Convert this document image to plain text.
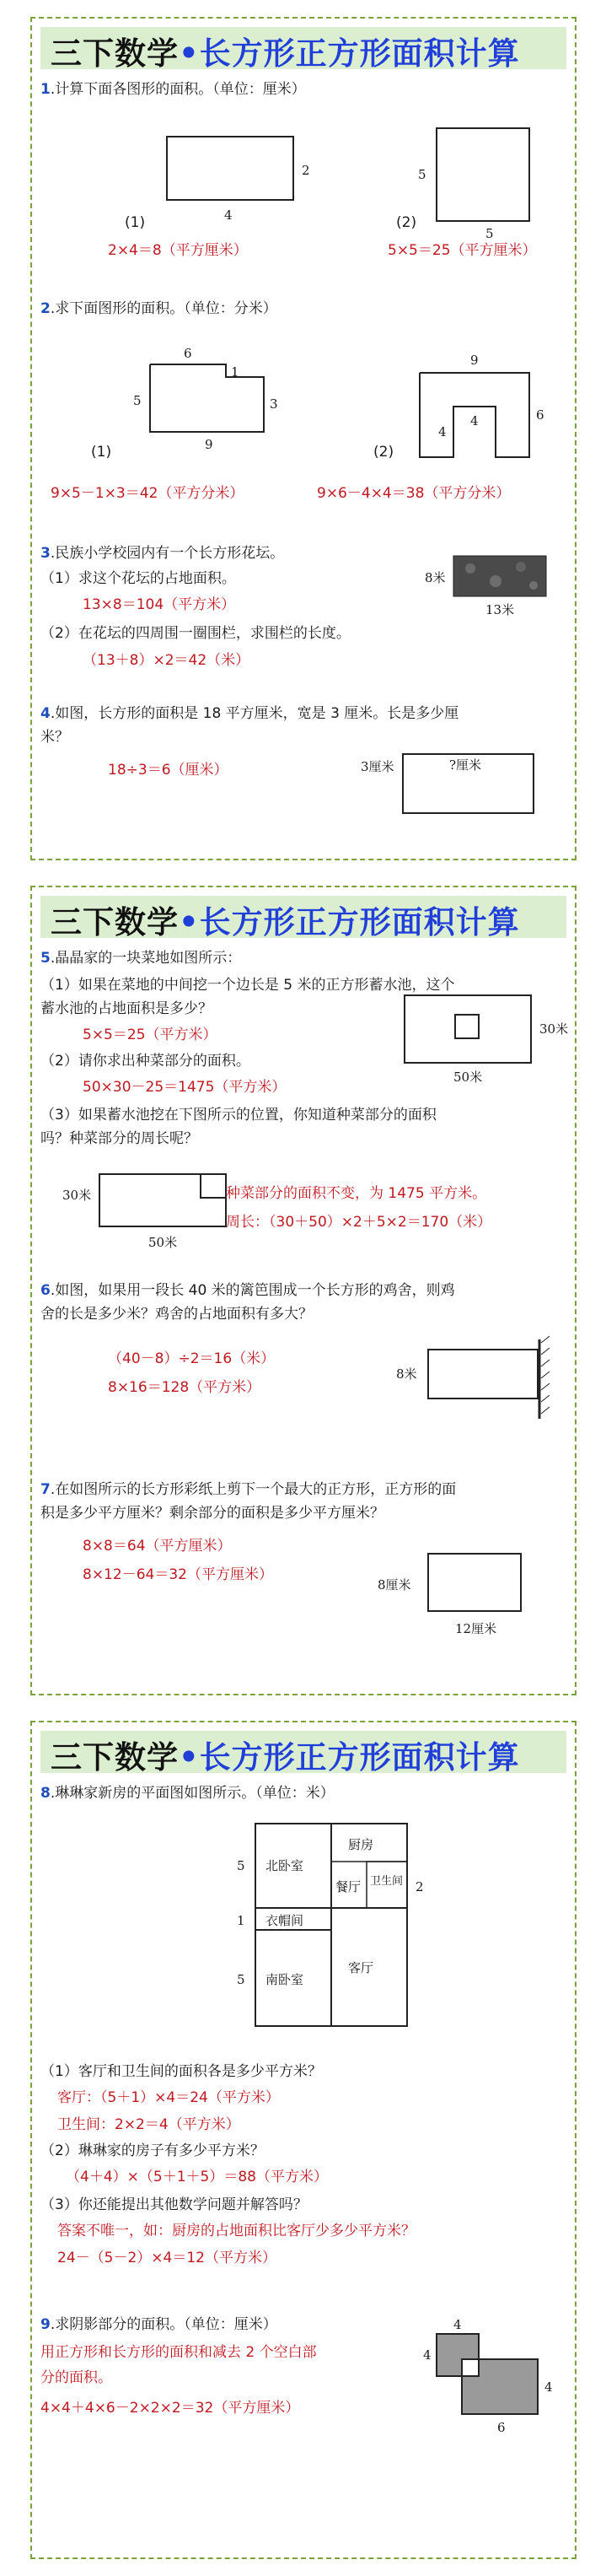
三下数学•长方形正方形面积计算
1.计算下面各图形的面积。（单位：厘米）
2
4
(1)
5
5
(2)
2×4＝8（平方厘米）	5×5＝25（平方厘米）
2.求下面图形的面积。（单位：分米）
6
5
1
3
9
(1)
9
4
4	6
(2)
9×5－1×3＝42（平方分米）	9×6－4×4＝38（平方分米）
3.民族小学校园内有一个长方形花坛。
（1）求这个花坛的占地面积。
13×8＝104（平方米）
（2）在花坛的四周围一圈围栏，求围栏的长度。
（13＋8）×2＝42（米）
8米
13米
4.如图，长方形的面积是 18 平方厘米，宽是 3 厘米。长是多少厘
米？
18÷3＝6（厘米）	3厘米	?厘米
三下数学•长方形正方形面积计算
5.晶晶家的一块菜地如图所示：
（1）如果在菜地的中间挖一个边长是 5 米的正方形蓄水池，这个
蓄水池的占地面积是多少？
5×5＝25（平方米）
（2）请你求出种菜部分的面积。
50×30－25＝1475（平方米）
30米
50米
（3）如果蓄水池挖在下图所示的位置，你知道种菜部分的面积
吗？种菜部分的周长呢？
30米
50米
种菜部分的面积不变，为 1475 平方米。
周长：（30＋50）×2＋5×2＝170（米）
6.如图，如果用一段长 40 米的篱笆围成一个长方形的鸡舍，则鸡
舍的长是多少米？鸡舍的占地面积有多大？
（40－8）÷2＝16（米）
8×16＝128（平方米）
8米
7.在如图所示的长方形彩纸上剪下一个最大的正方形，正方形的面
积是多少平方厘米？剩余部分的面积是多少平方厘米？
8×8＝64（平方厘米）
8×12－64＝32（平方厘米）
8厘米
12厘米
三下数学•长方形正方形面积计算
8.琳琳家新房的平面图如图所示。（单位：米）
北卧室
厨房
餐厅 卫生间
衣帽间
客厅
南卧室
5
1
5
2
（1）客厅和卫生间的面积各是多少平方米？
客厅：（5＋1）×4＝24（平方米）
卫生间：2×2＝4（平方米）
（2）琳琳家的房子有多少平方米？
（4＋4）×（5＋1＋5）＝88（平方米）
（3）你还能提出其他数学问题并解答吗？
答案不唯一，如：厨房的占地面积比客厅少多少平方米？
24－（5－2）×4＝12（平方米）
9.求阴影部分的面积。（单位：厘米）
用正方形和长方形的面积和减去 2 个空白部
分的面积。
4×4＋4×6－2×2×2＝32（平方厘米）
4
4
4
6
